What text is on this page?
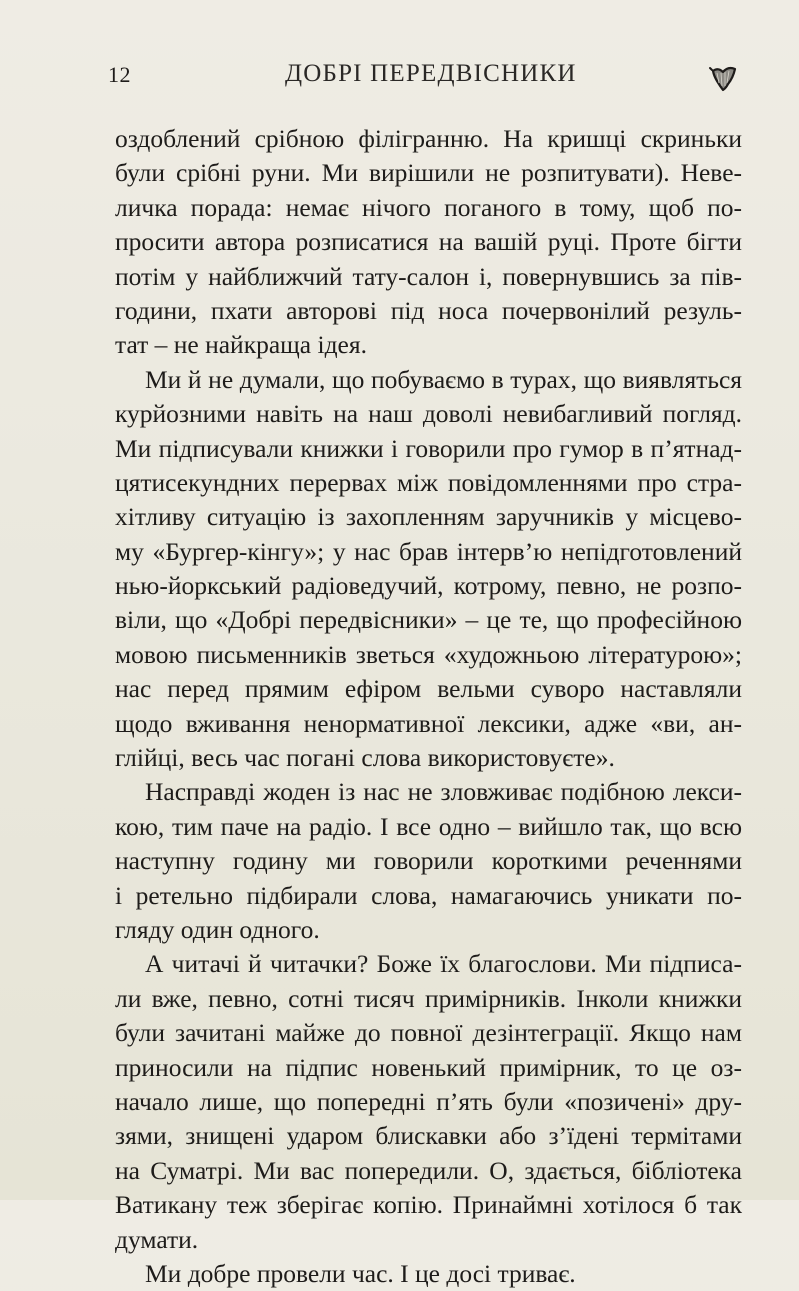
12	ДОБРІ ПЕРЕДВІСНИКИ
оздоблений срібною філігранню. На кришці скриньки
були срібні руни. Ми вирішили не розпитувати). Неве-
личка порада: немає нічого поганого в тому, щоб по-
просити автора розписатися на вашій руці. Проте бігти
потім у найближчий тату-салон і, повернувшись за пів-
години, пхати авторові під носа почервонілий резуль-
тат – не найкраща ідея.
Ми й не думали, що побуваємо в турах, що виявляться
курйозними навіть на наш доволі невибагливий погляд.
Ми підписували книжки і говорили про гумор в п’ятнад-
цятисекундних перервах між повідомленнями про стра-
хітливу ситуацію із захопленням заручників у місцево-
му «Бургер-кінгу»; у нас брав інтерв’ю непідготовлений
нью-йоркський радіоведучий, котрому, певно, не розпо-
віли, що «Добрі передвісники» – це те, що професійною
мовою письменників зветься «художньою літературою»;
нас перед прямим ефіром вельми суворо наставляли
щодо вживання ненормативної лексики, адже «ви, ан-
глійці, весь час погані слова використовуєте».
Насправді жоден із нас не зловживає подібною лекси-
кою, тим паче на радіо. І все одно – вийшло так, що всю
наступну годину ми говорили короткими реченнями
і ретельно підбирали слова, намагаючись уникати по-
гляду один одного.
А читачі й читачки? Боже їх благослови. Ми підписа-
ли вже, певно, сотні тисяч примірників. Інколи книжки
були зачитані майже до повної дезінтеграції. Якщо нам
приносили на підпис новенький примірник, то це оз-
начало лише, що попередні п’ять були «позичені» дру-
зями, знищені ударом блискавки або з’їдені термітами
на Суматрі. Ми вас попередили. О, здається, бібліотека
Ватикану теж зберігає копію. Принаймні хотілося б так
думати.
Ми добре провели час. І це досі триває.
